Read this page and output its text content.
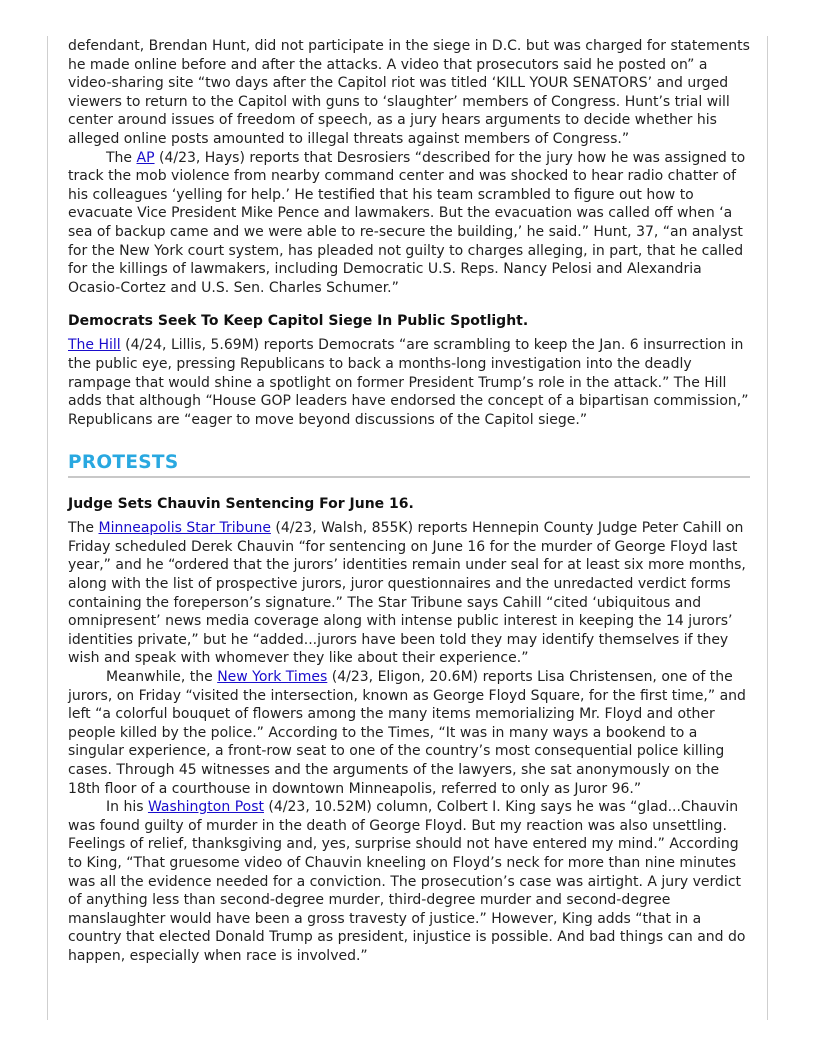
defendant, Brendan Hunt, did not participate in the siege in D.C. but was charged for statements he made online before and after the attacks. A video that prosecutors said he posted on” a video-sharing site “two days after the Capitol riot was titled ‘KILL YOUR SENATORS’ and urged viewers to return to the Capitol with guns to ‘slaughter’ members of Congress. Hunt’s trial will center around issues of freedom of speech, as a jury hears arguments to decide whether his alleged online posts amounted to illegal threats against members of Congress.”

The AP (4/23, Hays) reports that Desrosiers “described for the jury how he was assigned to track the mob violence from nearby command center and was shocked to hear radio chatter of his colleagues ‘yelling for help.’ He testified that his team scrambled to figure out how to evacuate Vice President Mike Pence and lawmakers. But the evacuation was called off when ‘a sea of backup came and we were able to re-secure the building,’ he said.” Hunt, 37, “an analyst for the New York court system, has pleaded not guilty to charges alleging, in part, that he called for the killings of lawmakers, including Democratic U.S. Reps. Nancy Pelosi and Alexandria Ocasio-Cortez and U.S. Sen. Charles Schumer.”

Democrats Seek To Keep Capitol Siege In Public Spotlight.

The Hill (4/24, Lillis, 5.69M) reports Democrats “are scrambling to keep the Jan. 6 insurrection in the public eye, pressing Republicans to back a months-long investigation into the deadly rampage that would shine a spotlight on former President Trump’s role in the attack.” The Hill adds that although “House GOP leaders have endorsed the concept of a bipartisan commission,” Republicans are “eager to move beyond discussions of the Capitol siege.”

PROTESTS
Judge Sets Chauvin Sentencing For June 16.

The Minneapolis Star Tribune (4/23, Walsh, 855K) reports Hennepin County Judge Peter Cahill on Friday scheduled Derek Chauvin “for sentencing on June 16 for the murder of George Floyd last year,” and he “ordered that the jurors’ identities remain under seal for at least six more months, along with the list of prospective jurors, juror questionnaires and the unredacted verdict forms containing the foreperson’s signature.” The Star Tribune says Cahill “cited ‘ubiquitous and omnipresent’ news media coverage along with intense public interest in keeping the 14 jurors’ identities private,” but he “added...jurors have been told they may identify themselves if they wish and speak with whomever they like about their experience.”

Meanwhile, the New York Times (4/23, Eligon, 20.6M) reports Lisa Christensen, one of the jurors, on Friday “visited the intersection, known as George Floyd Square, for the first time,” and left “a colorful bouquet of flowers among the many items memorializing Mr. Floyd and other people killed by the police.” According to the Times, “It was in many ways a bookend to a singular experience, a front-row seat to one of the country’s most consequential police killing cases. Through 45 witnesses and the arguments of the lawyers, she sat anonymously on the 18th floor of a courthouse in downtown Minneapolis, referred to only as Juror 96.”

In his Washington Post (4/23, 10.52M) column, Colbert I. King says he was “glad...Chauvin was found guilty of murder in the death of George Floyd. But my reaction was also unsettling. Feelings of relief, thanksgiving and, yes, surprise should not have entered my mind.” According to King, “That gruesome video of Chauvin kneeling on Floyd’s neck for more than nine minutes was all the evidence needed for a conviction. The prosecution’s case was airtight. A jury verdict of anything less than second-degree murder, third-degree murder and second-degree manslaughter would have been a gross travesty of justice.” However, King adds “that in a country that elected Donald Trump as president, injustice is possible. And bad things can and do happen, especially when race is involved.”
